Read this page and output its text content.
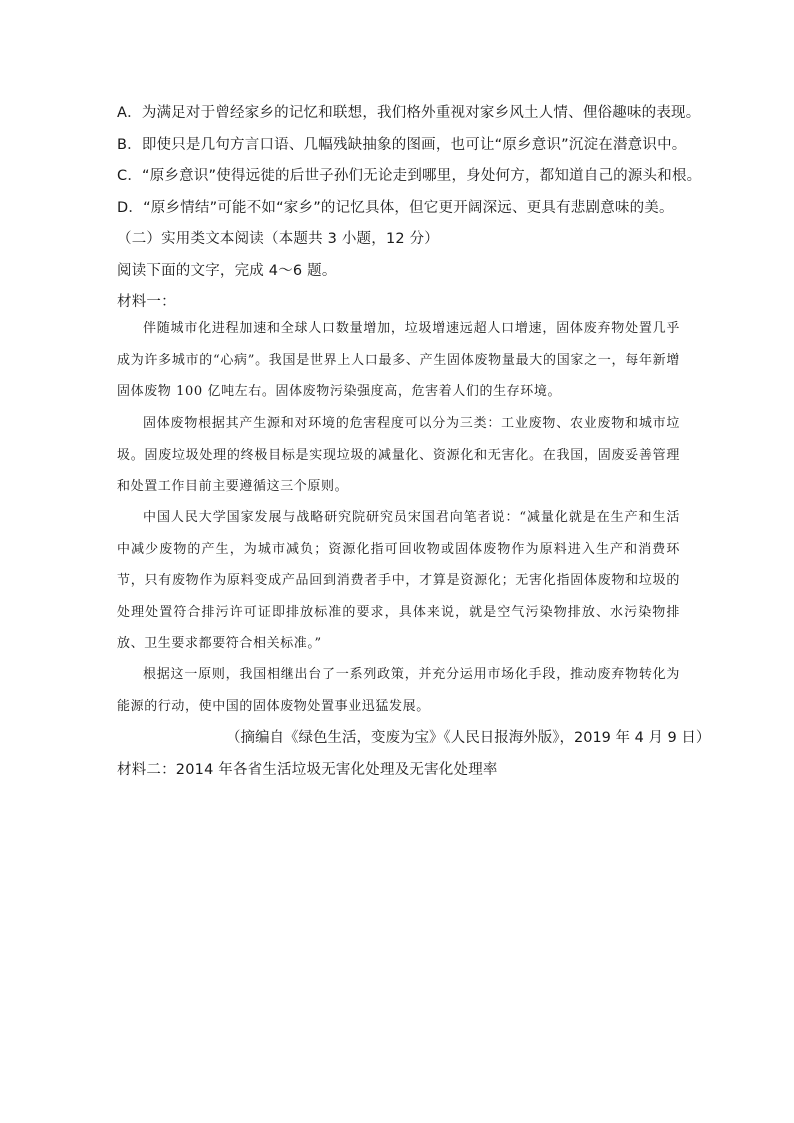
A．为满足对于曾经家乡的记忆和联想，我们格外重视对家乡风土人情、俚俗趣味的表现。
B．即使只是几句方言口语、几幅残缺抽象的图画，也可让“原乡意识”沉淀在潜意识中。
C．“原乡意识”使得远徙的后世子孙们无论走到哪里，身处何方，都知道自己的源头和根。
D．“原乡情结”可能不如“家乡”的记忆具体，但它更开阔深远、更具有悲剧意味的美。
（二）实用类文本阅读（本题共 3 小题，12 分）
阅读下面的文字，完成 4～6 题。
材料一：

伴随城市化进程加速和全球人口数量增加，垃圾增速远超人口增速，固体废弃物处置几乎成为许多城市的“心病”。我国是世界上人口最多、产生固体废物量最大的国家之一，每年新增固体废物 100 亿吨左右。固体废物污染强度高，危害着人们的生存环境。

固体废物根据其产生源和对环境的危害程度可以分为三类：工业废物、农业废物和城市垃圾。固废垃圾处理的终极目标是实现垃圾的减量化、资源化和无害化。在我国，固废妥善管理和处置工作目前主要遵循这三个原则。

中国人民大学国家发展与战略研究院研究员宋国君向笔者说：“减量化就是在生产和生活中减少废物的产生，为城市减负；资源化指可回收物或固体废物作为原料进入生产和消费环节，只有废物作为原料变成产品回到消费者手中，才算是资源化；无害化指固体废物和垃圾的处理处置符合排污许可证即排放标准的要求，具体来说，就是空气污染物排放、水污染物排放、卫生要求都要符合相关标准。”

根据这一原则，我国相继出台了一系列政策，并充分运用市场化手段，推动废弃物转化为能源的行动，使中国的固体废物处置事业迅猛发展。

（摘编自《绿色生活，变废为宝》《人民日报海外版》，2019 年 4 月 9 日）
材料二：2014 年各省生活垃圾无害化处理及无害化处理率
